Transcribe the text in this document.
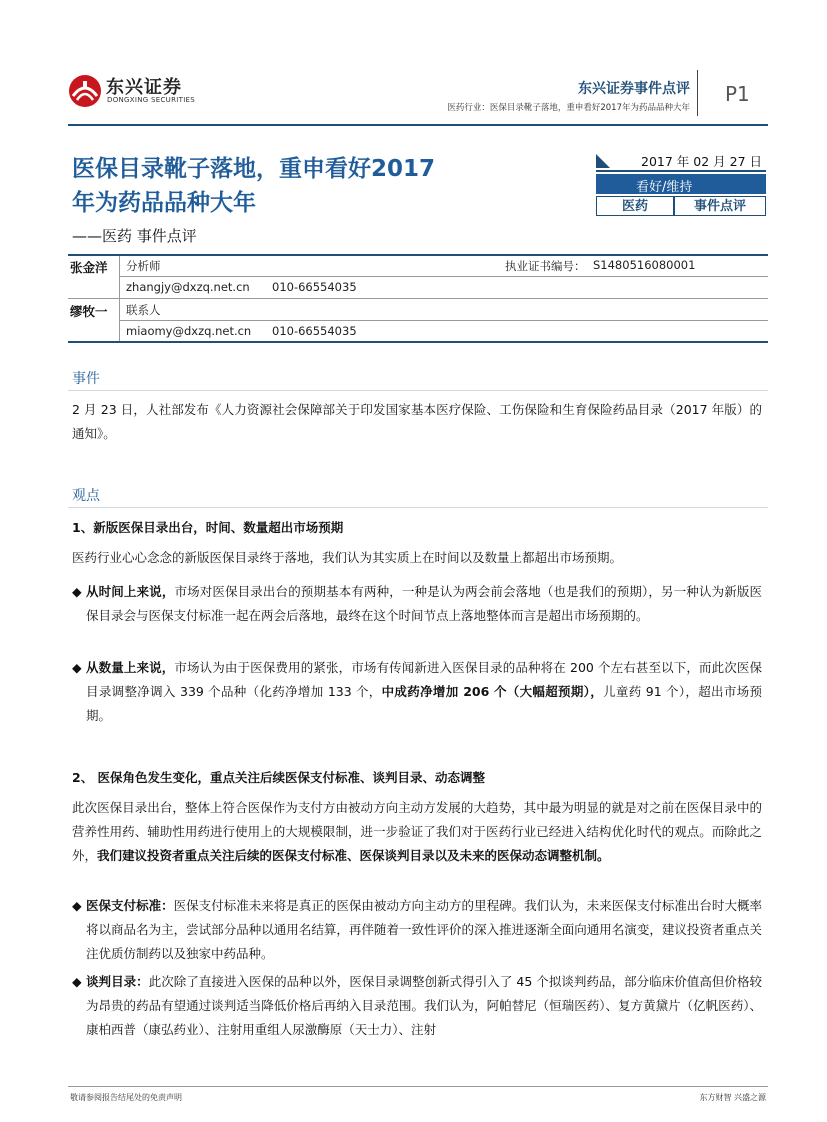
东兴证券
DONGXING SECURITIES
东兴证券事件点评
医药行业：医保目录靴子落地，重申看好2017年为药品品种大年
P1
医保目录靴子落地，重申看好2017
年为药品品种大年
——医药 事件点评
2017 年 02 月 27 日
看好/维持
医药	事件点评
张金洋 分析师	执业证书编号： S1480516080001
zhangjy@dxzq.net.cn 010-66554035
缪牧一 联系人
miaomy@dxzq.net.cn 010-66554035
事件
2 月 23 日，人社部发布《人力资源社会保障部关于印发国家基本医疗保险、工伤保险和生育保险药品目录（2017 年版）的通知》。
观点
1、新版医保目录出台，时间、数量超出市场预期
医药行业心心念念的新版医保目录终于落地，我们认为其实质上在时间以及数量上都超出市场预期。
◆ 从时间上来说，市场对医保目录出台的预期基本有两种，一种是认为两会前会落地（也是我们的预期），另一种认为新版医保目录会与医保支付标准一起在两会后落地，最终在这个时间节点上落地整体而言是超出市场预期的。
◆ 从数量上来说，市场认为由于医保费用的紧张，市场有传闻新进入医保目录的品种将在 200 个左右甚至以下，而此次医保目录调整净调入 339 个品种（化药净增加 133 个，中成药净增加 206 个（大幅超预期），儿童药 91 个），超出市场预期。
2、 医保角色发生变化，重点关注后续医保支付标准、谈判目录、动态调整
此次医保目录出台，整体上符合医保作为支付方由被动方向主动方发展的大趋势，其中最为明显的就是对之前在医保目录中的营养性用药、辅助性用药进行使用上的大规模限制，进一步验证了我们对于医药行业已经进入结构优化时代的观点。而除此之外，我们建议投资者重点关注后续的医保支付标准、医保谈判目录以及未来的医保动态调整机制。
◆ 医保支付标准：医保支付标准未来将是真正的医保由被动方向主动方的里程碑。我们认为，未来医保支付标准出台时大概率将以商品名为主，尝试部分品种以通用名结算，再伴随着一致性评价的深入推进逐渐全面向通用名演变，建议投资者重点关注优质仿制药以及独家中药品种。
◆ 谈判目录：此次除了直接进入医保的品种以外，医保目录调整创新式得引入了 45 个拟谈判药品，部分临床价值高但价格较为昂贵的药品有望通过谈判适当降低价格后再纳入目录范围。我们认为，阿帕替尼（恒瑞医药）、复方黄黛片（亿帆医药）、康柏西普（康弘药业）、注射用重组人尿激酶原（天士力）、注射
敬请参阅报告结尾处的免责声明	东方财智 兴盛之源
